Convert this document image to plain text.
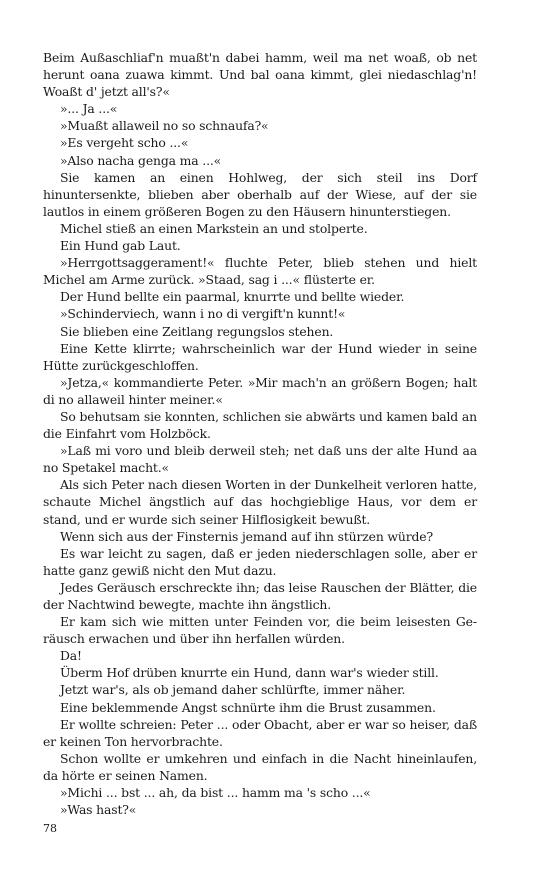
Beim Außaschliaf'n muaßt'n dabei hamm, weil ma net woaß, ob net herunt oana zuawa kimmt. Und bal oana kimmt, glei niedaschlag'n! Woaßt d' jetzt all's?«

»... Ja ...«

»Muaßt allaweil no so schnaufa?«

»Es vergeht scho ...«

»Also nacha genga ma ...«

Sie kamen an einen Hohlweg, der sich steil ins Dorf hinuntersenkte, blieben aber oberhalb auf der Wiese, auf der sie lautlos in einem größeren Bogen zu den Häusern hinunterstiegen.

Michel stieß an einen Markstein an und stolperte.

Ein Hund gab Laut.

»Herrgottsaggerament!« fluchte Peter, blieb stehen und hielt Michel am Arme zurück. »Staad, sag i ...« flüsterte er.

Der Hund bellte ein paarmal, knurrte und bellte wieder.

»Schinderviech, wann i no di vergift'n kunnt!«

Sie blieben eine Zeitlang regungslos stehen.

Eine Kette klirrte; wahrscheinlich war der Hund wieder in seine Hütte zurückgeschloffen.

»Jetza,« kommandierte Peter. »Mir mach'n an größern Bogen; halt di no allaweil hinter meiner.«

So behutsam sie konnten, schlichen sie abwärts und kamen bald an die Einfahrt vom Holzböck.

»Laß mi voro und bleib derweil steh; net daß uns der alte Hund aa no Spetakel macht.«

Als sich Peter nach diesen Worten in der Dunkelheit verloren hatte, schaute Michel ängstlich auf das hochgieblige Haus, vor dem er stand, und er wurde sich seiner Hilflosigkeit bewußt.

Wenn sich aus der Finsternis jemand auf ihn stürzen würde?

Es war leicht zu sagen, daß er jeden niederschlagen solle, aber er hatte ganz gewiß nicht den Mut dazu.

Jedes Geräusch erschreckte ihn; das leise Rauschen der Blätter, die der Nachtwind bewegte, machte ihn ängstlich.

Er kam sich wie mitten unter Feinden vor, die beim leisesten Geräusch erwachen und über ihn herfallen würden.

Da!

Überm Hof drüben knurrte ein Hund, dann war's wieder still.

Jetzt war's, als ob jemand daher schlürfte, immer näher.

Eine beklemmende Angst schnürte ihm die Brust zusammen.

Er wollte schreien: Peter ... oder Obacht, aber er war so heiser, daß er keinen Ton hervorbrachte.

Schon wollte er umkehren und einfach in die Nacht hineinlaufen, da hörte er seinen Namen.

»Michi ... bst ... ah, da bist ... hamm ma 's scho ...«

»Was hast?«

78
